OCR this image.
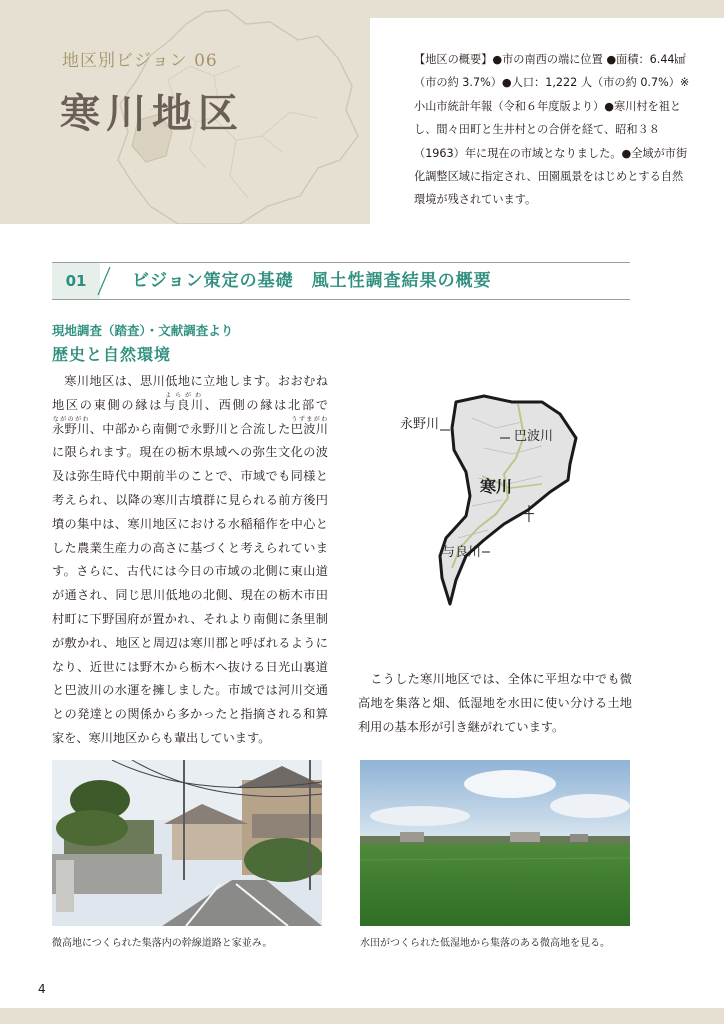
地区別ビジョン 06
寒川地区
【地区の概要】●市の南西の端に位置 ●面積：6.44㎢（市の約 3.7%）●人口：1,222 人（市の約 0.7%）※小山市統計年報（令和６年度版より）●寒川村を祖とし、間々田町と生井村との合併を経て、昭和３８（1963）年に現在の市域となりました。●全域が市街化調整区域に指定され、田園風景をはじめとする自然環境が残されています。
01	ビジョン策定の基礎　風土性調査結果の概要
現地調査（踏査）・文献調査より
歴史と自然環境

寒川地区は、思川低地に立地します。おおむね地区の東側の縁は与良川よらがわ、西側の縁は北部で永野川ながのがわ、中部から南側で永野川と合流した巴波川うずまがわに限られます。現在の栃木県域への弥生文化の波及は弥生時代中期前半のことで、市域でも同様と考えられ、以降の寒川古墳群に見られる前方後円墳の集中は、寒川地区における水稲稲作を中心とした農業生産力の高さに基づくと考えられています。さらに、古代には今日の市域の北側に東山道が通され、同じ思川低地の北側、現在の栃木市田村町に下野国府が置かれ、それより南側に条里制が敷かれ、地区と周辺は寒川郡と呼ばれるようになり、近世には野木から栃木へ抜ける日光山裏道と巴波川の水運を擁しました。市域では河川交通との発達との関係から多かったと指摘される和算家を、寒川地区からも輩出しています。

永野川
巴波川
寒川
┼
与良川

こうした寒川地区では、全体に平坦な中でも微高地を集落と畑、低湿地を水田に使い分ける土地利用の基本形が引き継がれています。

微高地につくられた集落内の幹線道路と家並み。	水田がつくられた低湿地から集落のある微高地を見る。
4
